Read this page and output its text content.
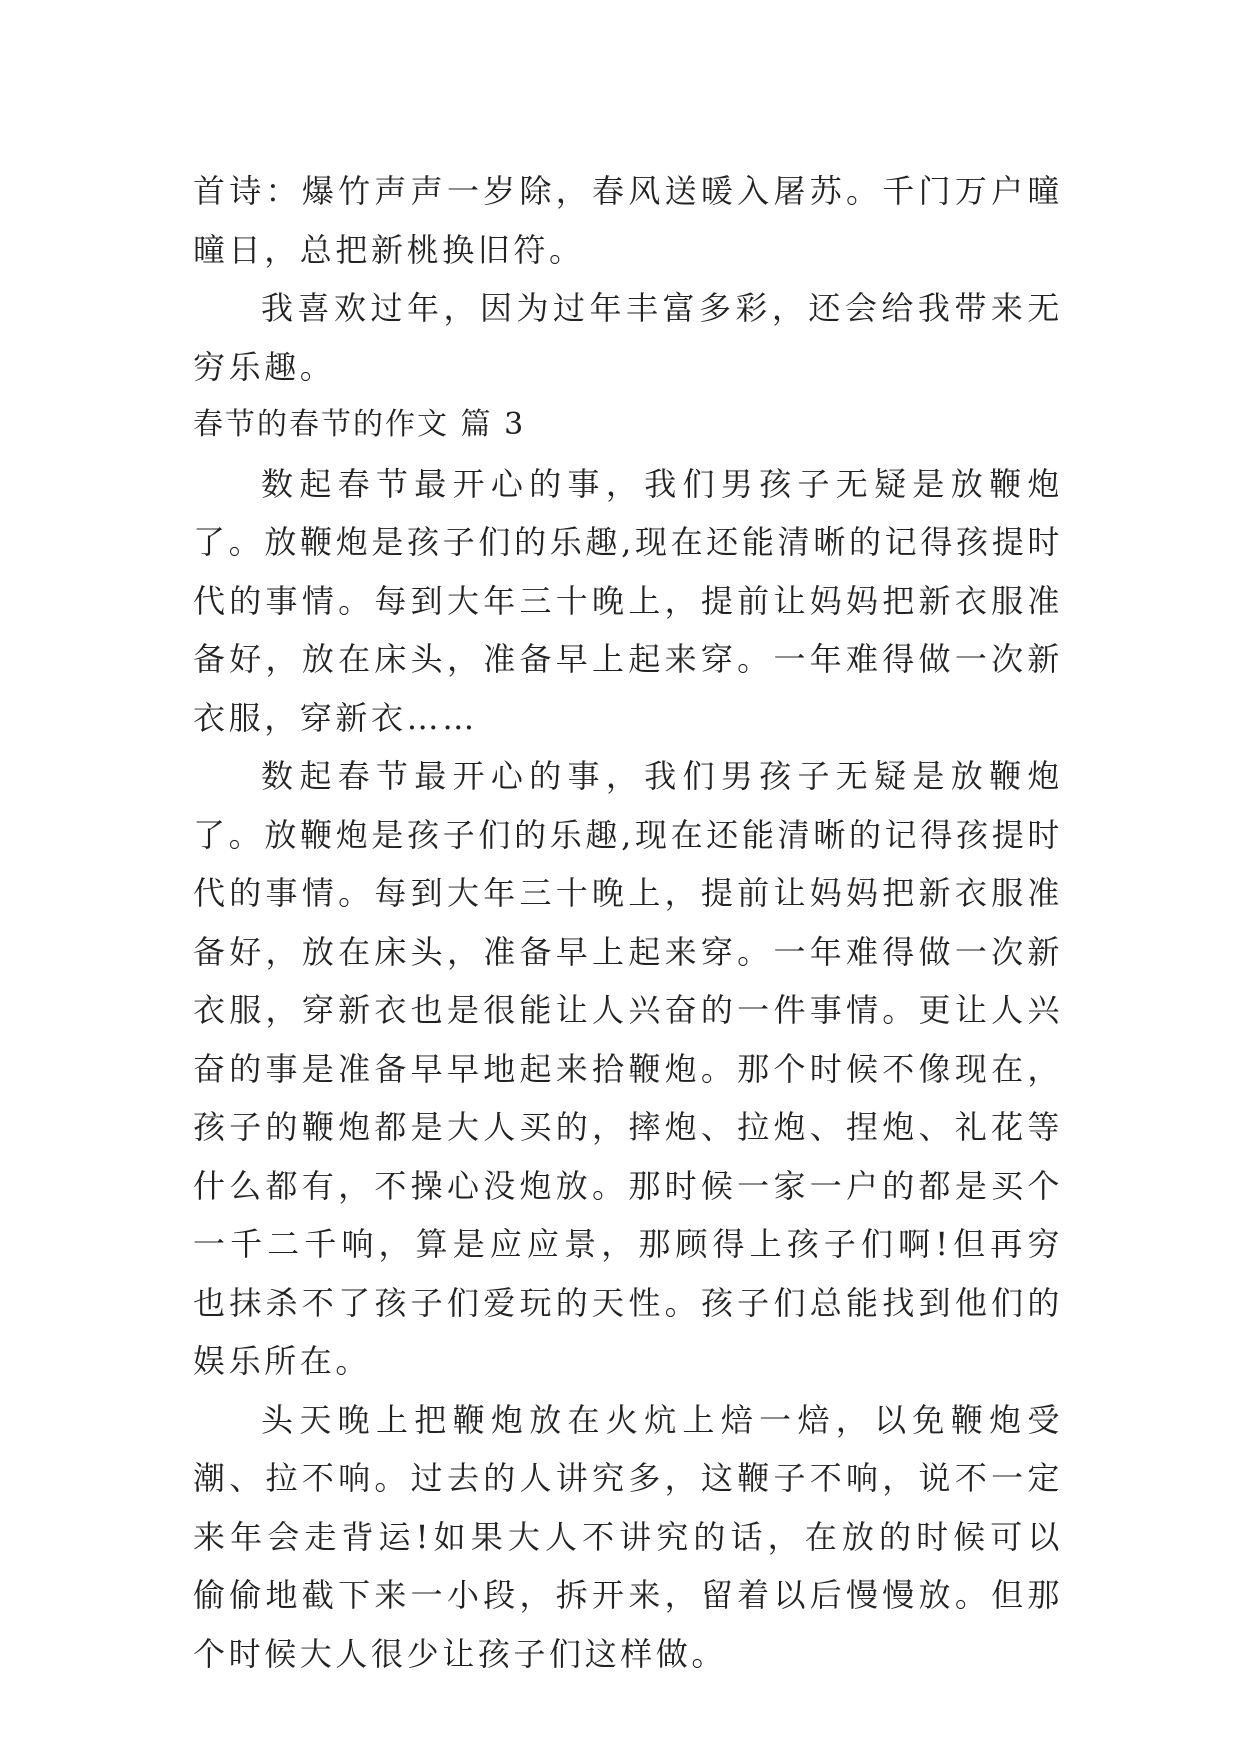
首诗：爆竹声声一岁除，春风送暖入屠苏。千门万户曈曈日，总把新桃换旧符。

我喜欢过年，因为过年丰富多彩，还会给我带来无穷乐趣。

春节的春节的作文 篇 3

数起春节最开心的事，我们男孩子无疑是放鞭炮了。放鞭炮是孩子们的乐趣,现在还能清晰的记得孩提时代的事情。每到大年三十晚上，提前让妈妈把新衣服准备好，放在床头，准备早上起来穿。一年难得做一次新衣服，穿新衣……

数起春节最开心的事，我们男孩子无疑是放鞭炮了。放鞭炮是孩子们的乐趣,现在还能清晰的记得孩提时代的事情。每到大年三十晚上，提前让妈妈把新衣服准备好，放在床头，准备早上起来穿。一年难得做一次新衣服，穿新衣也是很能让人兴奋的一件事情。更让人兴奋的事是准备早早地起来拾鞭炮。那个时候不像现在，孩子的鞭炮都是大人买的，摔炮、拉炮、捏炮、礼花等什么都有，不操心没炮放。那时候一家一户的都是买个一千二千响，算是应应景，那顾得上孩子们啊!但再穷也抹杀不了孩子们爱玩的天性。孩子们总能找到他们的娱乐所在。

头天晚上把鞭炮放在火炕上焙一焙，以免鞭炮受潮、拉不响。过去的人讲究多，这鞭子不响，说不一定来年会走背运!如果大人不讲究的话，在放的时候可以偷偷地截下来一小段，拆开来，留着以后慢慢放。但那个时候大人很少让孩子们这样做。
